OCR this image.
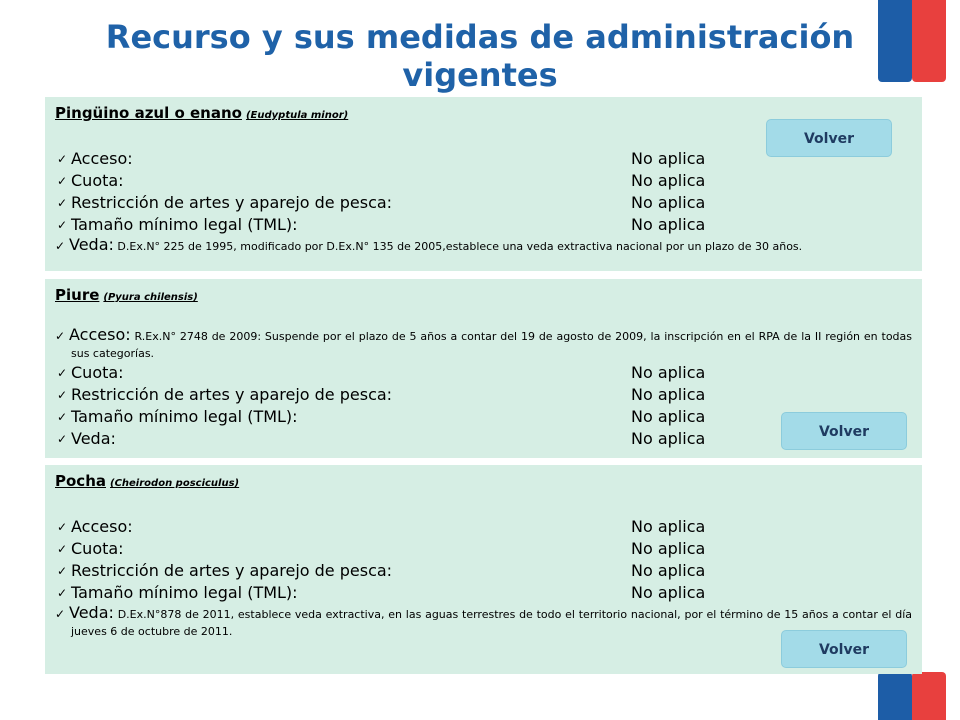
Recurso y sus medidas de administración vigentes
Pingüino azul o enano (Eudyptula minor)
✓ Acceso:	No aplica
✓ Cuota:	No aplica
✓ Restricción de artes y aparejo de pesca:	No aplica
✓ Tamaño mínimo legal (TML):	No aplica
✓ Veda: D.Ex.N° 225 de 1995, modificado por D.Ex.N° 135 de 2005,establece una veda extractiva nacional por un plazo de 30 años.
Piure (Pyura chilensis)
✓ Acceso: R.Ex.N° 2748 de 2009: Suspende por el plazo de 5 años a contar del 19 de agosto de 2009, la inscripción en el RPA de la II región en todas sus categorías.
✓ Cuota:	No aplica
✓ Restricción de artes y aparejo de pesca:	No aplica
✓ Tamaño mínimo legal (TML):	No aplica
✓ Veda:	No aplica
Pocha (Cheirodon posciculus)
✓ Acceso:	No aplica
✓ Cuota:	No aplica
✓ Restricción de artes y aparejo de pesca:	No aplica
✓ Tamaño mínimo legal (TML):	No aplica
✓ Veda: D.Ex.N°878 de 2011, establece veda extractiva, en las aguas terrestres de todo el territorio nacional, por el término de 15 años a contar el día jueves 6 de octubre de 2011.
Volver
Volver
Volver
